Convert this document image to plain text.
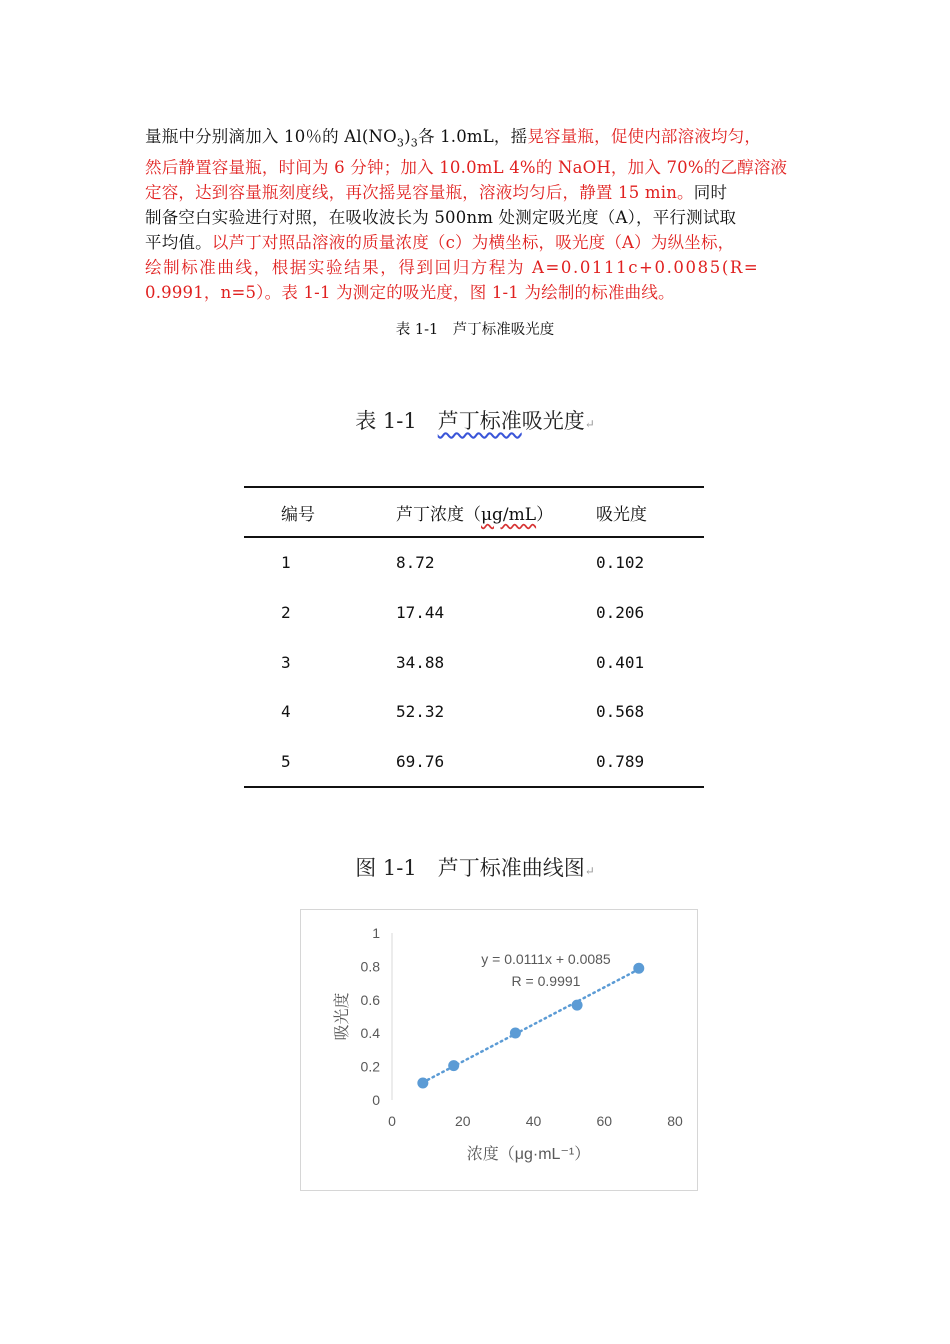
量瓶中分别滴加入 10％的 $Al(NO_3)_3$各 1.0mL，摇晃容量瓶，促使内部溶液均匀，
然后静置容量瓶，时间为 6 分钟；加入 10.0mL 4%的 NaOH，加入 70%的乙醇溶液
定容，达到容量瓶刻度线，再次摇晃容量瓶，溶液均匀后，静置 15 min。同时
制备空白实验进行对照，在吸收波长为 500nm 处测定吸光度（A），平行测试取
平均值。以芦丁对照品溶液的质量浓度（c）为横坐标，吸光度（A）为纵坐标，
绘制标准曲线，根据实验结果，得到回归方程为 A=0.0111c+0.0085(R=
0.9991，n=5）。表 1-1 为测定的吸光度，图 1-1 为绘制的标准曲线。
表 1-1　芦丁标准吸光度
表 1-1　芦丁标准吸光度↵
编号	芦丁浓度（μg/mL）	吸光度
1	8.72	0.102
2	17.44	0.206
3	34.88	0.401
4	52.32	0.568
5	69.76	0.789
图 1-1　芦丁标准曲线图↵
0
0.2
0.4
0.6
0.8
1
0	20	40	60	80
y = 0.0111x + 0.0085
R = 0.9991
吸光度
浓度（μg·mL⁻¹）
